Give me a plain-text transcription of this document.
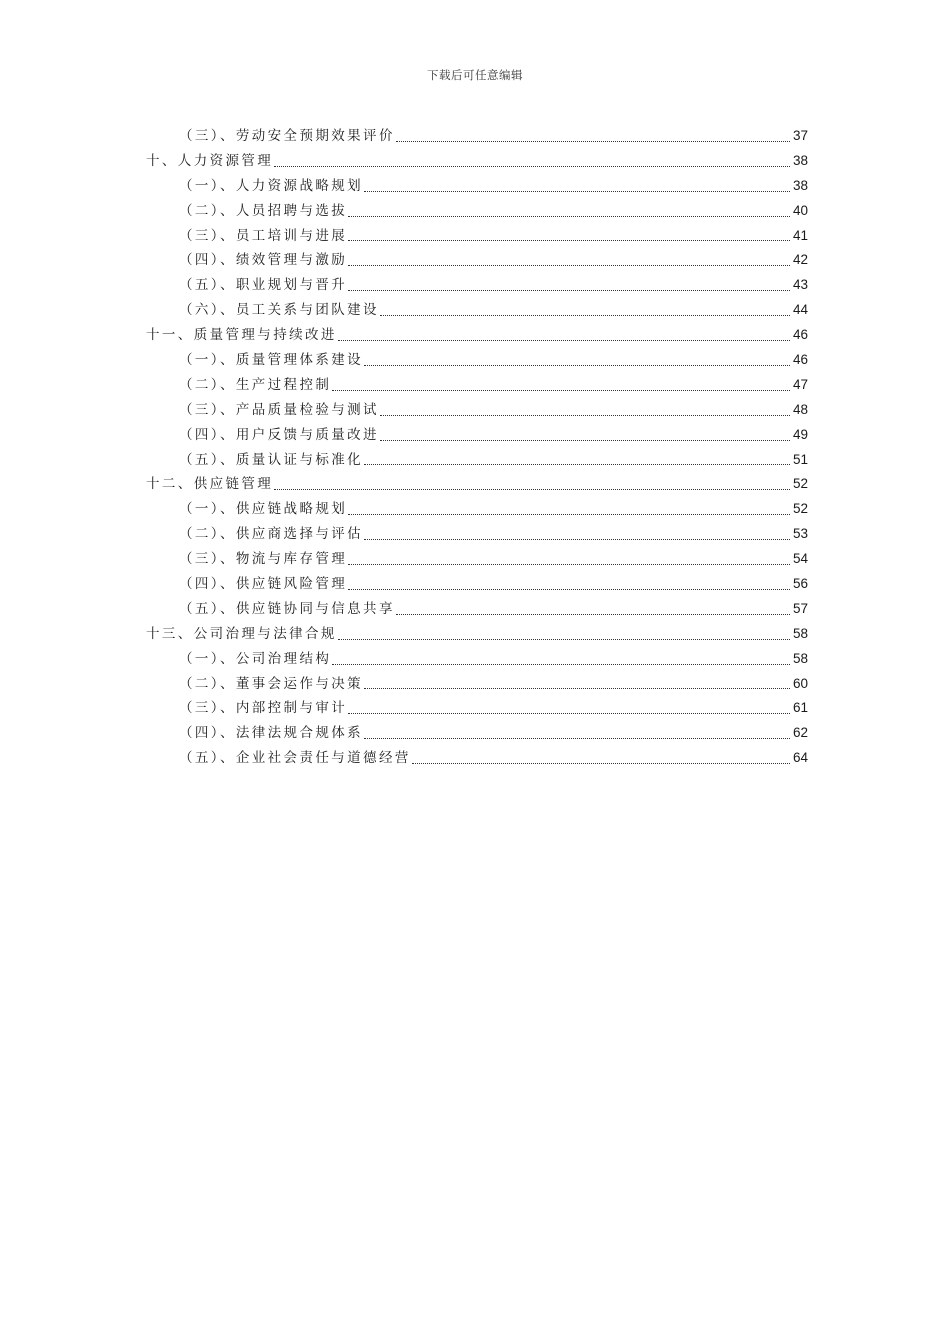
下载后可任意编辑
（三）、劳动安全预期效果评价	37
十、人力资源管理	38
（一）、人力资源战略规划	38
（二）、人员招聘与选拔	40
（三）、员工培训与进展	41
（四）、绩效管理与激励	42
（五）、职业规划与晋升	43
（六）、员工关系与团队建设	44
十一、质量管理与持续改进	46
（一）、质量管理体系建设	46
（二）、生产过程控制	47
（三）、产品质量检验与测试	48
（四）、用户反馈与质量改进	49
（五）、质量认证与标准化	51
十二、供应链管理	52
（一）、供应链战略规划	52
（二）、供应商选择与评估	53
（三）、物流与库存管理	54
（四）、供应链风险管理	56
（五）、供应链协同与信息共享	57
十三、公司治理与法律合规	58
（一）、公司治理结构	58
（二）、董事会运作与决策	60
（三）、内部控制与审计	61
（四）、法律法规合规体系	62
（五）、企业社会责任与道德经营	64
